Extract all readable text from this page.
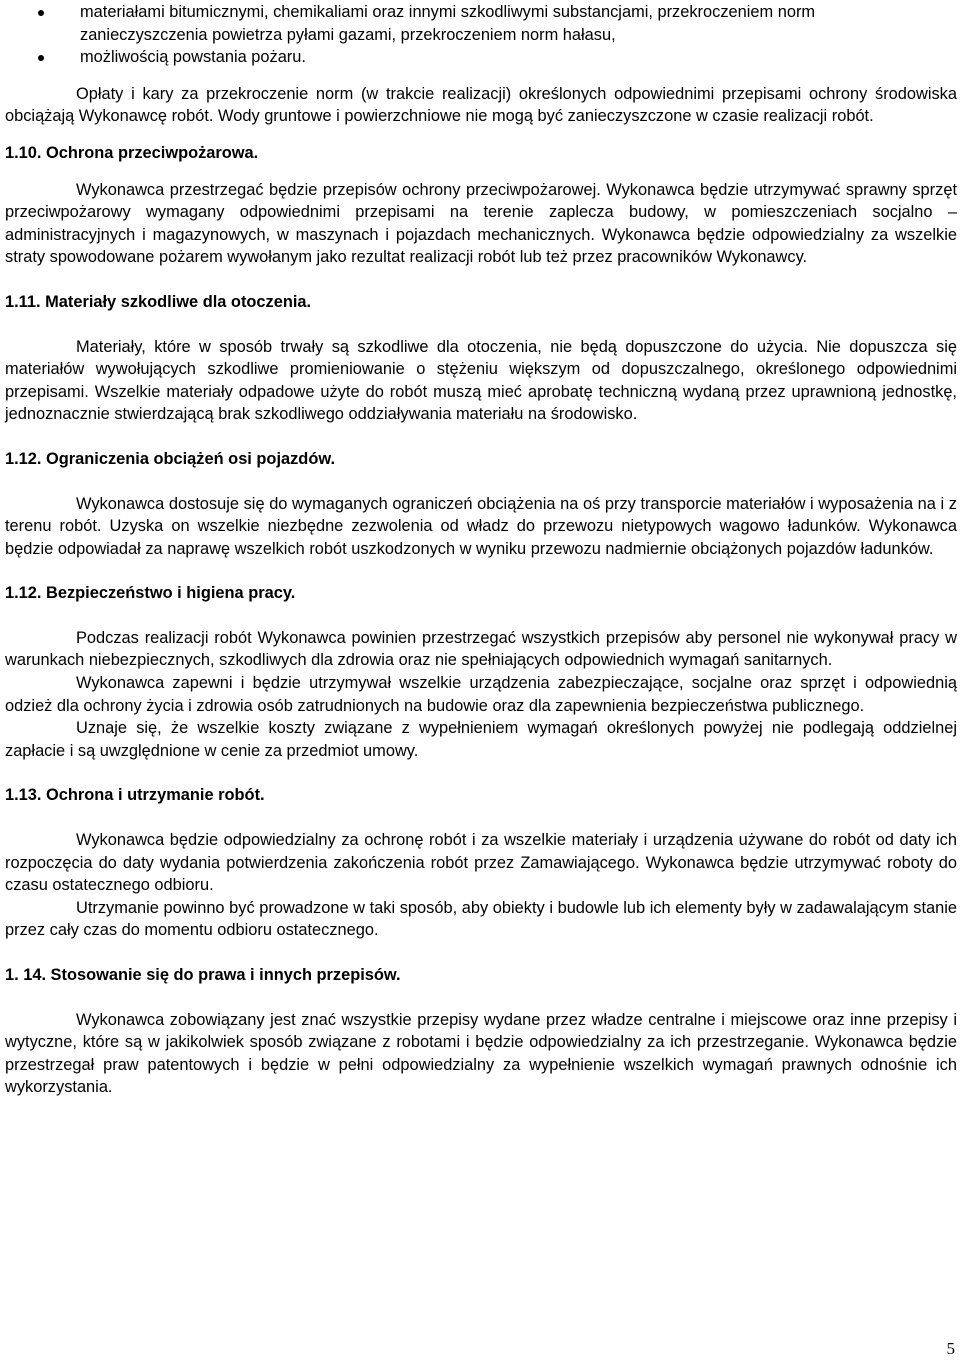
materiałami bitumicznymi, chemikaliami oraz innymi szkodliwymi substancjami, przekroczeniem norm zanieczyszczenia powietrza pyłami gazami, przekroczeniem norm hałasu,
możliwością powstania pożaru.

Opłaty i kary za przekroczenie norm (w trakcie realizacji) określonych odpowiednimi przepisami ochrony środowiska obciążają Wykonawcę robót. Wody gruntowe i powierzchniowe nie mogą być zanieczyszczone w czasie realizacji robót.

1.10. Ochrona przeciwpożarowa.

Wykonawca przestrzegać będzie przepisów ochrony przeciwpożarowej. Wykonawca będzie utrzymywać sprawny sprzęt przeciwpożarowy wymagany odpowiednimi przepisami na terenie zaplecza budowy, w pomieszczeniach socjalno – administracyjnych i magazynowych, w maszynach i pojazdach mechanicznych. Wykonawca będzie odpowiedzialny za wszelkie straty spowodowane pożarem wywołanym jako rezultat realizacji robót lub też przez pracowników Wykonawcy.

1.11. Materiały szkodliwe dla otoczenia.

Materiały, które w sposób trwały są szkodliwe dla otoczenia, nie będą dopuszczone do użycia. Nie dopuszcza się materiałów wywołujących szkodliwe promieniowanie o stężeniu większym od dopuszczalnego, określonego odpowiednimi przepisami. Wszelkie materiały odpadowe użyte do robót muszą mieć aprobatę techniczną wydaną przez uprawnioną jednostkę, jednoznacznie stwierdzającą brak szkodliwego oddziaływania materiału na środowisko.

1.12. Ograniczenia obciążeń osi pojazdów.

Wykonawca dostosuje się do wymaganych ograniczeń obciążenia na oś przy transporcie materiałów i wyposażenia na i z terenu robót. Uzyska on wszelkie niezbędne zezwolenia od władz do przewozu nietypowych wagowo ładunków. Wykonawca będzie odpowiadał za naprawę wszelkich robót uszkodzonych w wyniku przewozu nadmiernie obciążonych pojazdów ładunków.

1.12. Bezpieczeństwo i higiena pracy.

Podczas realizacji robót Wykonawca powinien przestrzegać wszystkich przepisów aby personel nie wykonywał pracy w warunkach niebezpiecznych, szkodliwych dla zdrowia oraz nie spełniających odpowiednich wymagań sanitarnych.

Wykonawca zapewni i będzie utrzymywał wszelkie urządzenia zabezpieczające, socjalne oraz sprzęt i odpowiednią odzież dla ochrony życia i zdrowia osób zatrudnionych na budowie oraz dla zapewnienia bezpieczeństwa publicznego.

Uznaje się, że wszelkie koszty związane z wypełnieniem wymagań określonych powyżej nie podlegają oddzielnej zapłacie i są uwzględnione w cenie za przedmiot umowy.

1.13. Ochrona i utrzymanie robót.

Wykonawca będzie odpowiedzialny za ochronę robót i za wszelkie materiały i urządzenia używane do robót od daty ich rozpoczęcia do daty wydania potwierdzenia zakończenia robót przez Zamawiającego. Wykonawca będzie utrzymywać roboty do czasu ostatecznego odbioru.

Utrzymanie powinno być prowadzone w taki sposób, aby obiekty i budowle lub ich elementy były w zadawalającym stanie przez cały czas do momentu odbioru ostatecznego.

1. 14. Stosowanie się do prawa i innych przepisów.

Wykonawca zobowiązany jest znać wszystkie przepisy wydane przez władze centralne i miejscowe oraz inne przepisy i wytyczne, które są w jakikolwiek sposób związane z robotami i będzie odpowiedzialny za ich przestrzeganie. Wykonawca będzie przestrzegał praw patentowych i będzie w pełni odpowiedzialny za wypełnienie wszelkich wymagań prawnych odnośnie ich wykorzystania.

5
